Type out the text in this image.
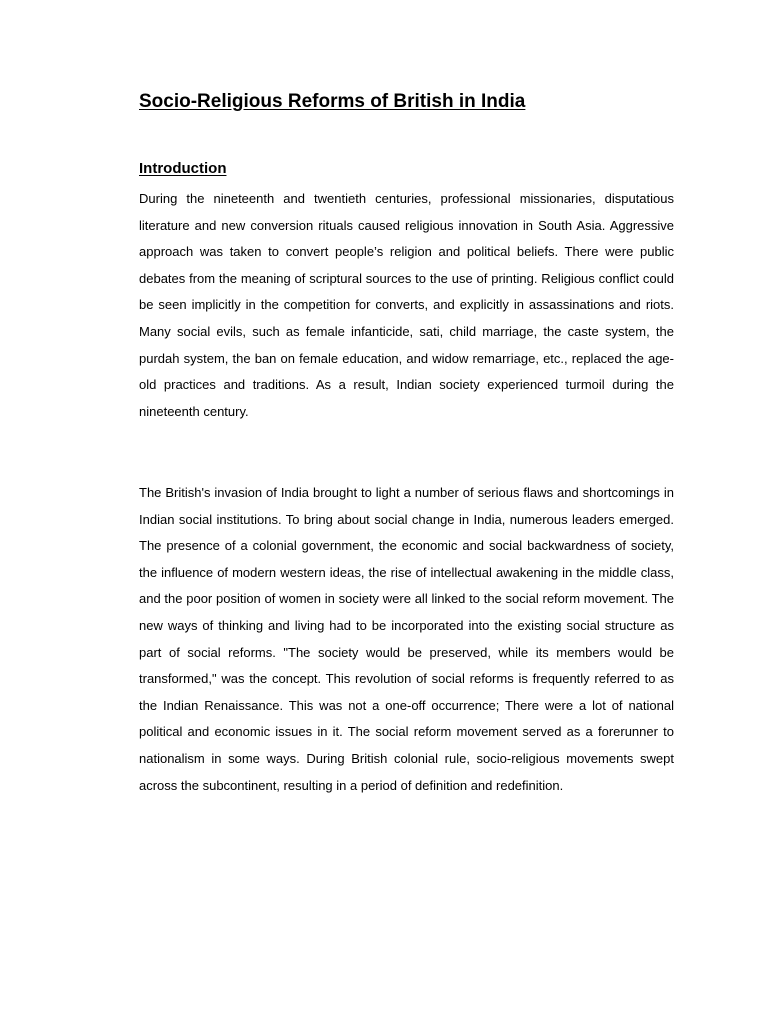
Socio-Religious Reforms of British in India
Introduction

During the nineteenth and twentieth centuries, professional missionaries, disputatious literature and new conversion rituals caused religious innovation in South Asia. Aggressive approach was taken to convert people’s religion and political beliefs. There were public debates from the meaning of scriptural sources to the use of printing. Religious conflict could be seen implicitly in the competition for converts, and explicitly in assassinations and riots. Many social evils, such as female infanticide, sati, child marriage, the caste system, the purdah system, the ban on female education, and widow remarriage, etc., replaced the age-old practices and traditions. As a result, Indian society experienced turmoil during the nineteenth century.

The British's invasion of India brought to light a number of serious flaws and shortcomings in Indian social institutions. To bring about social change in India, numerous leaders emerged. The presence of a colonial government, the economic and social backwardness of society, the influence of modern western ideas, the rise of intellectual awakening in the middle class, and the poor position of women in society were all linked to the social reform movement. The new ways of thinking and living had to be incorporated into the existing social structure as part of social reforms. "The society would be preserved, while its members would be transformed," was the concept. This revolution of social reforms is frequently referred to as the Indian Renaissance. This was not a one-off occurrence; There were a lot of national political and economic issues in it. The social reform movement served as a forerunner to nationalism in some ways. During British colonial rule, socio-religious movements swept across the subcontinent, resulting in a period of definition and redefinition.
